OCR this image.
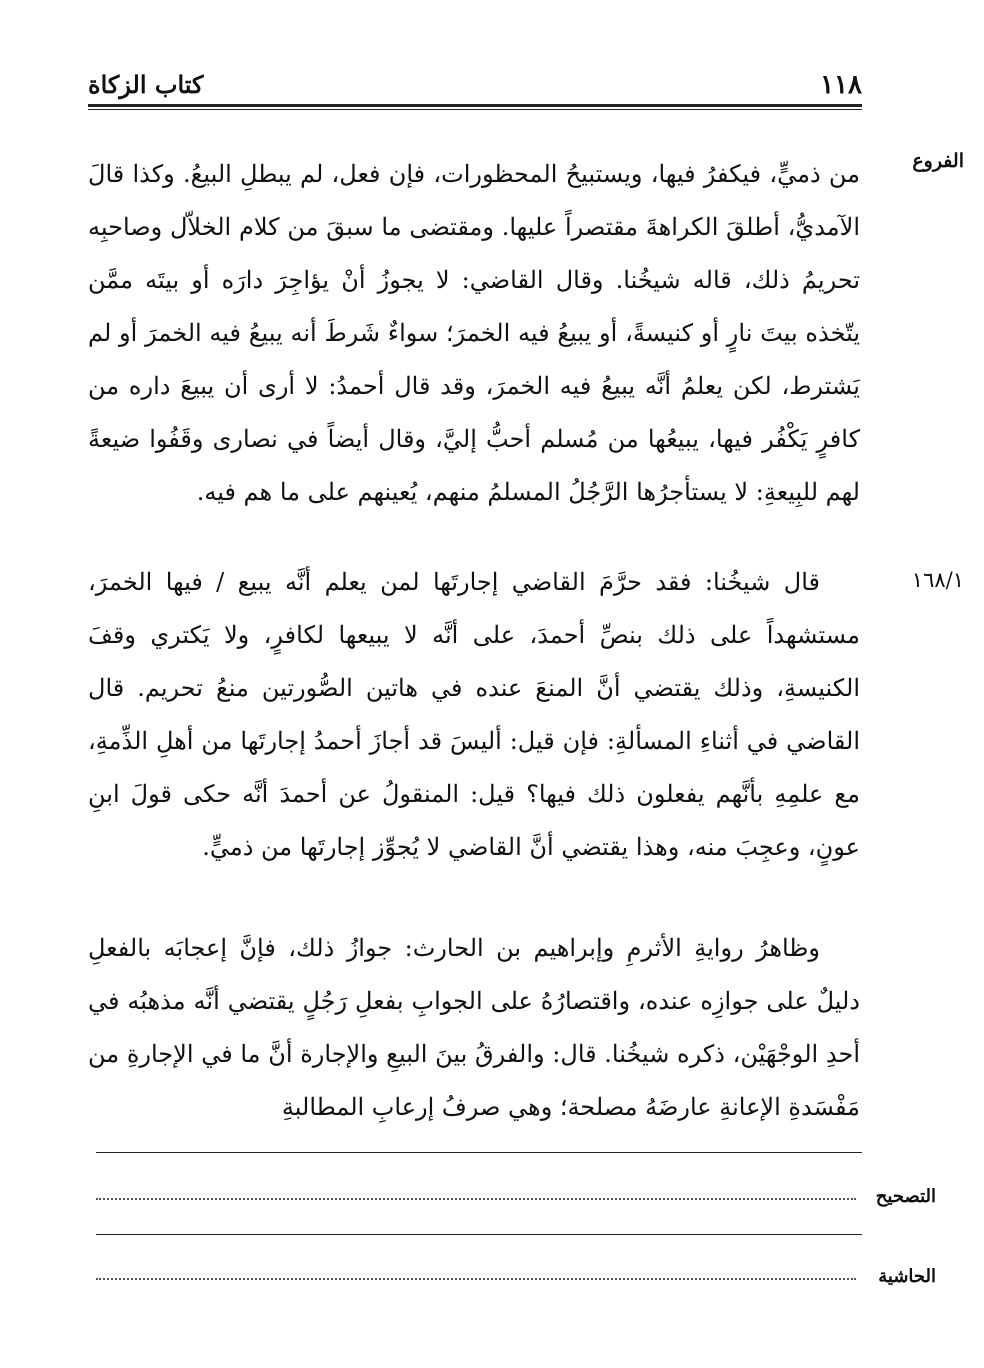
١١٨
كتاب الزكاة
الفروع
١٦٨/١

من ذميٍّ، فيكفرُ فيها، ويستبيحُ المحظورات، فإن فعل، لم يبطلِ البيعُ. وكذا قالَ الآمديُّ، أطلقَ الكراهةَ مقتصراً عليها. ومقتضى ما سبقَ من كلام الخلاّل وصاحبِه تحريمُ ذلك، قاله شيخُنا. وقال القاضي: لا يجوزُ أنْ يؤاجِرَ دارَه أو بيتَه ممَّن يتّخذه بيتَ نارٍ أو كنيسةً، أو يبيعُ فيه الخمرَ؛ سواءٌ شَرطَ أنه يبيعُ فيه الخمرَ أو لم يَشترط، لكن يعلمُ أنَّه يبيعُ فيه الخمرَ، وقد قال أحمدُ: لا أرى أن يبيعَ داره من كافرٍ يَكْفُر فيها، يبيعُها من مُسلم أحبُّ إليَّ، وقال أيضاً في نصارى وقَفُوا ضيعةً لهم للبِيعةِ: لا يستأجرُها الرَّجُلُ المسلمُ منهم، يُعينهم على ما هم فيه.

قال شيخُنا: فقد حرَّمَ القاضي إجارتَها لمن يعلم أنَّه يبيع / فيها الخمرَ، مستشهداً على ذلك بنصِّ أحمدَ، على أنَّه لا يبيعها لكافرٍ، ولا يَكتري وقفَ الكنيسةِ، وذلك يقتضي أنَّ المنعَ عنده في هاتين الصُّورتين منعُ تحريم. قال القاضي في أثناءِ المسألةِ: فإن قيل: أليسَ قد أجازَ أحمدُ إجارتَها من أهلِ الذِّمةِ، مع علمِهِ بأنَّهم يفعلون ذلك فيها؟ قيل: المنقولُ عن أحمدَ أنَّه حكى قولَ ابنِ عونٍ، وعجِبَ منه، وهذا يقتضي أنَّ القاضي لا يُجوِّز إجارتَها من ذميٍّ.

وظاهرُ روايةِ الأثرمِ وإبراهيم بن الحارث: جوازُ ذلك، فإنَّ إعجابَه بالفعلِ دليلٌ على جوازِه عنده، واقتصارُهُ على الجوابِ بفعلِ رَجُلٍ يقتضي أنَّه مذهبُه في أحدِ الوجْهَيْن، ذكره شيخُنا. قال: والفرقُ بينَ البيعِ والإجارة أنَّ ما في الإجارةِ من مَفْسَدةِ الإعانةِ عارضَهُ مصلحة؛ وهي صرفُ إرعابِ المطالبةِ

التصحيح
الحاشية
